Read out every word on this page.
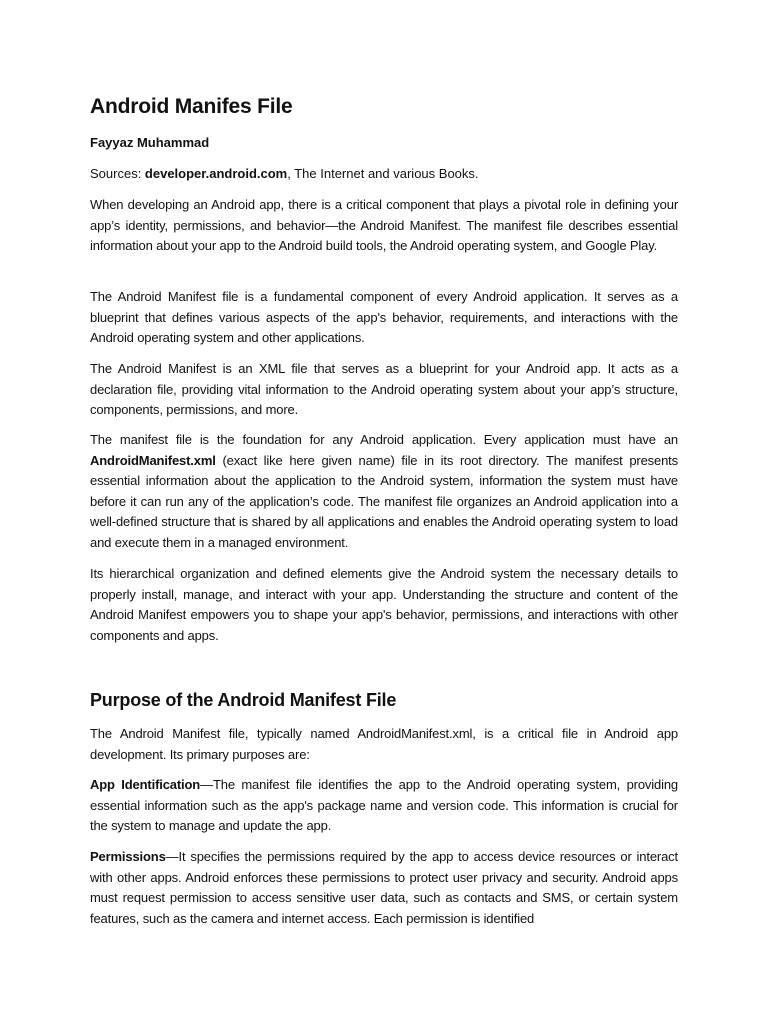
Android Manifes File

Fayyaz Muhammad

Sources: developer.android.com, The Internet and various Books.

When developing an Android app, there is a critical component that plays a pivotal role in defining your app’s identity, permissions, and behavior—the Android Manifest. The manifest file describes essential information about your app to the Android build tools, the Android operating system, and Google Play.

The Android Manifest file is a fundamental component of every Android application. It serves as a blueprint that defines various aspects of the app's behavior, requirements, and interactions with the Android operating system and other applications.

The Android Manifest is an XML file that serves as a blueprint for your Android app. It acts as a declaration file, providing vital information to the Android operating system about your app’s structure, components, permissions, and more.

The manifest file is the foundation for any Android application. Every application must have an AndroidManifest.xml (exact like here given name) file in its root directory. The manifest presents essential information about the application to the Android system, information the system must have before it can run any of the application’s code. The manifest file organizes an Android application into a well-defined structure that is shared by all applications and enables the Android operating system to load and execute them in a managed environment.

Its hierarchical organization and defined elements give the Android system the necessary details to properly install, manage, and interact with your app. Understanding the structure and content of the Android Manifest empowers you to shape your app's behavior, permissions, and interactions with other components and apps.

Purpose of the Android Manifest File

The Android Manifest file, typically named AndroidManifest.xml, is a critical file in Android app development. Its primary purposes are:

App Identification—The manifest file identifies the app to the Android operating system, providing essential information such as the app's package name and version code. This information is crucial for the system to manage and update the app.

Permissions—It specifies the permissions required by the app to access device resources or interact with other apps. Android enforces these permissions to protect user privacy and security. Android apps must request permission to access sensitive user data, such as contacts and SMS, or certain system features, such as the camera and internet access. Each permission is identified
